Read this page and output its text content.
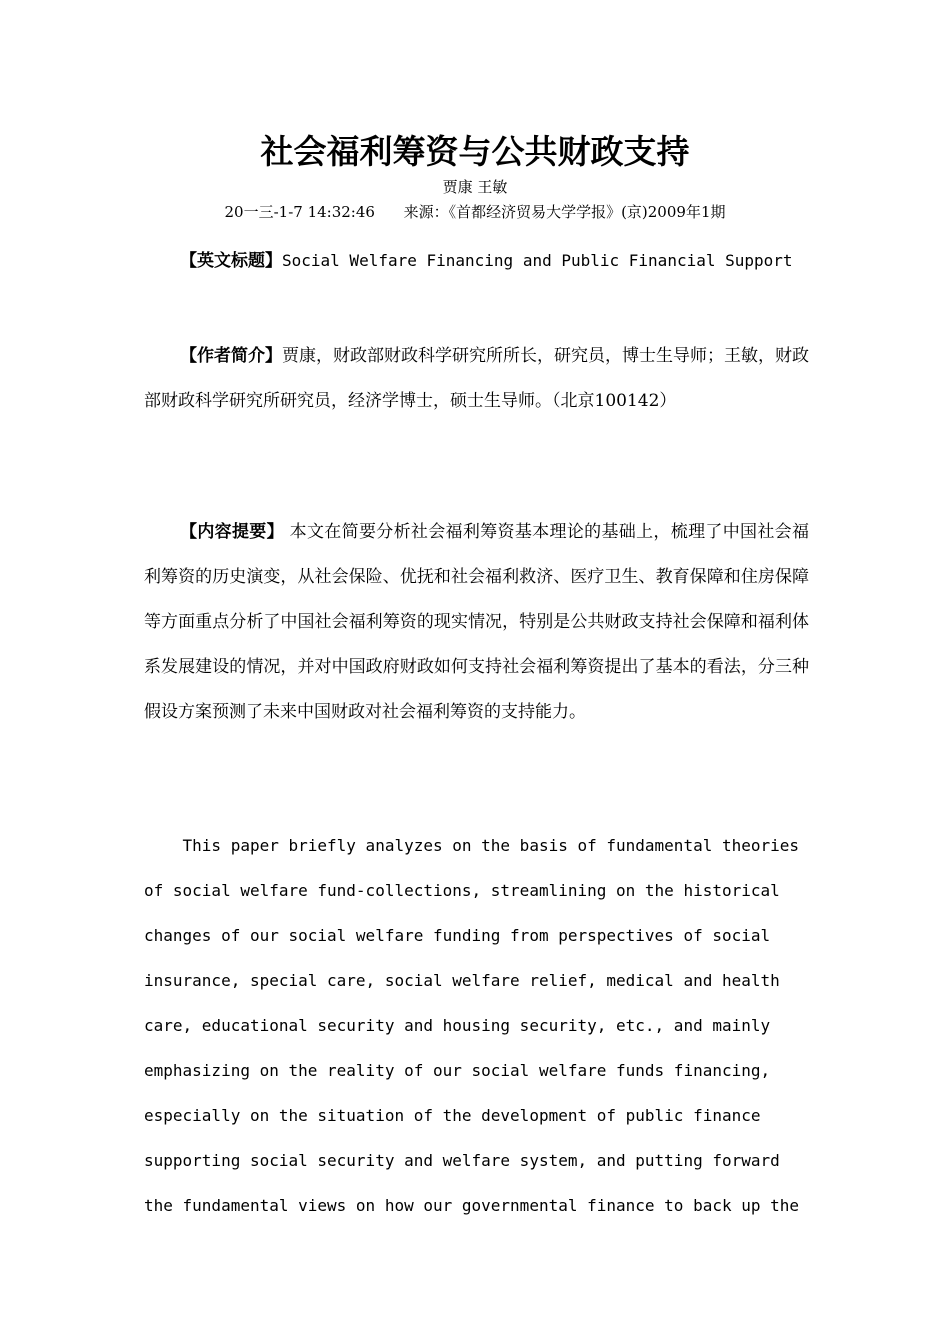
社会福利筹资与公共财政支持
贾康 王敏
20一三-1-7 14:32:46 来源：《首都经济贸易大学学报》(京)2009年1期
【英文标题】Social Welfare Financing and Public Financial Support
【作者简介】贾康，财政部财政科学研究所所长，研究员，博士生导师；王敏，财政部财政科学研究所研究员，经济学博士，硕士生导师。（北京100142）
【内容提要】 本文在简要分析社会福利筹资基本理论的基础上，梳理了中国社会福利筹资的历史演变，从社会保险、优抚和社会福利救济、医疗卫生、教育保障和住房保障等方面重点分析了中国社会福利筹资的现实情况，特别是公共财政支持社会保障和福利体系发展建设的情况，并对中国政府财政如何支持社会福利筹资提出了基本的看法，分三种假设方案预测了未来中国财政对社会福利筹资的支持能力。
This paper briefly analyzes on the basis of fundamental theories
of social welfare fund-collections, streamlining on the historical
changes of our social welfare funding from perspectives of social
insurance, special care, social welfare relief, medical and health
care, educational security and housing security, etc., and mainly
emphasizing on the reality of our social welfare funds financing,
especially on the situation of the development of public finance
supporting social security and welfare system, and putting forward
the fundamental views on how our governmental finance to back up the
